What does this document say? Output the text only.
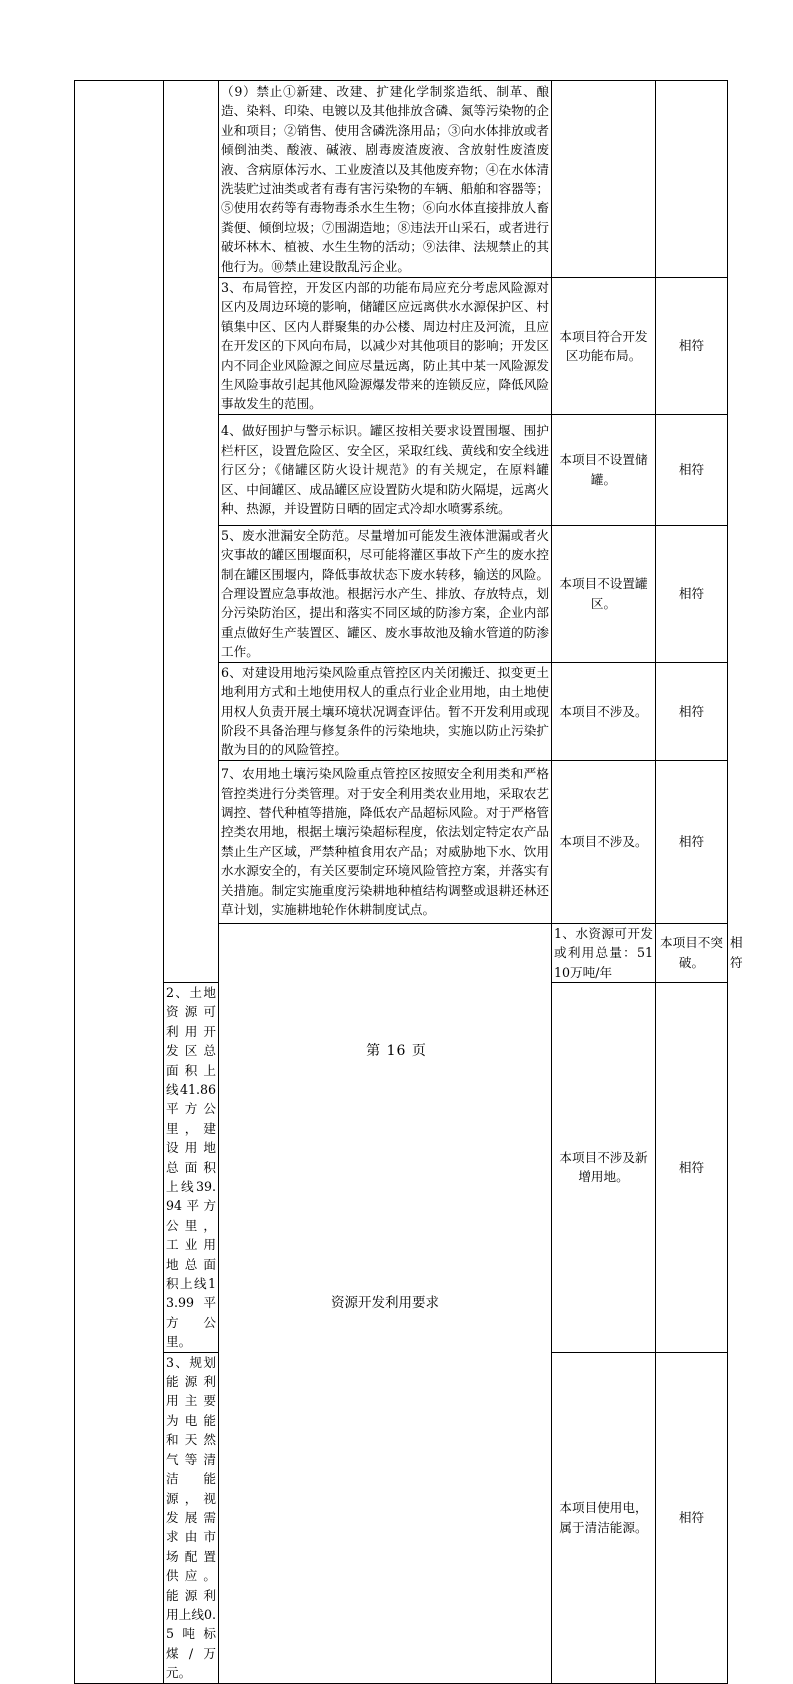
		（9）禁止①新建、改建、扩建化学制浆造纸、制革、酿造、染料、印染、电镀以及其他排放含磷、氮等污染物的企业和项目；②销售、使用含磷洗涤用品；③向水体排放或者倾倒油类、酸液、碱液、剧毒废渣废液、含放射性废渣废液、含病原体污水、工业废渣以及其他废弃物；④在水体清洗装贮过油类或者有毒有害污染物的车辆、船舶和容器等；⑤使用农药等有毒物毒杀水生生物；⑥向水体直接排放人畜粪便、倾倒垃圾；⑦围湖造地；⑧违法开山采石，或者进行破坏林木、植被、水生生物的活动；⑨法律、法规禁止的其他行为。⑩禁止建设散乱污企业。			
		3、布局管控，开发区内部的功能布局应充分考虑风险源对区内及周边环境的影响，储罐区应远离供水水源保护区、村镇集中区、区内人群聚集的办公楼、周边村庄及河流，且应在开发区的下风向布局，以减少对其他项目的影响；开发区内不同企业风险源之间应尽量远离，防止其中某一风险源发生风险事故引起其他风险源爆发带来的连锁反应，降低风险事故发生的范围。	本项目符合开发区功能布局。	相符	
		4、做好围护与警示标识。罐区按相关要求设置围堰、围护栏杆区，设置危险区、安全区，采取红线、黄线和安全线进行区分；《储罐区防火设计规范》的有关规定，在原料罐区、中间罐区、成品罐区应设置防火堤和防火隔堤，远离火种、热源，并设置防日晒的固定式冷却水喷雾系统。	本项目不设置储罐。	相符	
		5、废水泄漏安全防范。尽量增加可能发生液体泄漏或者火灾事故的罐区围堰面积，尽可能将灌区事故下产生的废水控制在罐区围堰内，降低事故状态下废水转移，输送的风险。合理设置应急事故池。根据污水产生、排放、存放特点，划分污染防治区，提出和落实不同区域的防渗方案，企业内部重点做好生产装置区、罐区、废水事故池及输水管道的防渗工作。	本项目不设置罐区。	相符	
		6、对建设用地污染风险重点管控区内关闭搬迁、拟变更土地利用方式和土地使用权人的重点行业企业用地，由土地使用权人负责开展土壤环境状况调查评估。暂不开发利用或现阶段不具备治理与修复条件的污染地块，实施以防止污染扩散为目的的风险管控。	本项目不涉及。	相符	
		7、农用地土壤污染风险重点管控区按照安全利用类和严格管控类进行分类管理。对于安全利用类农业用地，采取农艺调控、替代种植等措施，降低农产品超标风险。对于严格管控类农用地，根据土壤污染超标程度，依法划定特定农产品禁止生产区域，严禁种植食用农产品；对威胁地下水、饮用水水源安全的，有关区要制定环境风险管控方案，并落实有关措施。制定实施重度污染耕地种植结构调整或退耕还林还草计划，实施耕地轮作休耕制度试点。	本项目不涉及。	相符	
		资源开发利用要求	1、水资源可开发或利用总量：5110万吨/年	本项目不突破。	相符
	2、土地资源可利用开发区总面积上线41.86平方公里，建设用地总面积上线39.94平方公里，工业用地总面积上线13.99平方公里。		本项目不涉及新增用地。	相符	
	3、规划能源利用主要为电能和天然气等清洁能源，视发展需求由市场配置供应。能源利用上线0.5吨标煤/万元。		本项目使用电，属于清洁能源。	相符	
第 16 页
